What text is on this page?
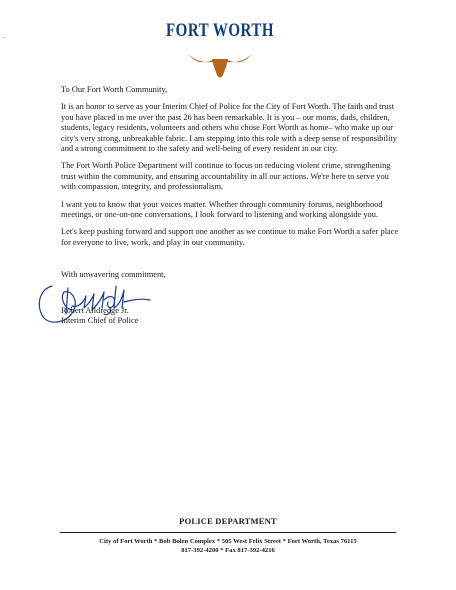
-	FORT WORTH

To Our Fort Worth Community,

It is an honor to serve as your Interim Chief of Police for the City of Fort Worth. The faith and trust you have placed in me over the past 26 has been remarkable. It is you – our moms, dads, children, students, legacy residents, volunteers and others who chose Fort Worth as home– who make up our city's very strong, unbreakable fabric. I am stepping into this role with a deep sense of responsibility and a strong commitment to the safety and well-being of every resident in our city.

The Fort Worth Police Department will continue to focus on reducing violent crime, strengthening trust within the community, and ensuring accountability in all our actions. We're here to serve you with compassion, integrity, and professionalism.

I want you to know that your voices matter. Whether through community forums, neighborhood meetings, or one-on-one conversations, I look forward to listening and working alongside you.

Let's keep pushing forward and support one another as we continue to make Fort Worth a safer place for everyone to live, work, and play in our community.

With unwavering commitment,
Robert Alldredge Jr.
Interim Chief of Police
POLICE DEPARTMENT
City of Fort Worth * Bob Bolen Complex * 505 West Felix Street * Fort Worth, Texas 76115
817-392-4200 * Fax 817-392-4216
